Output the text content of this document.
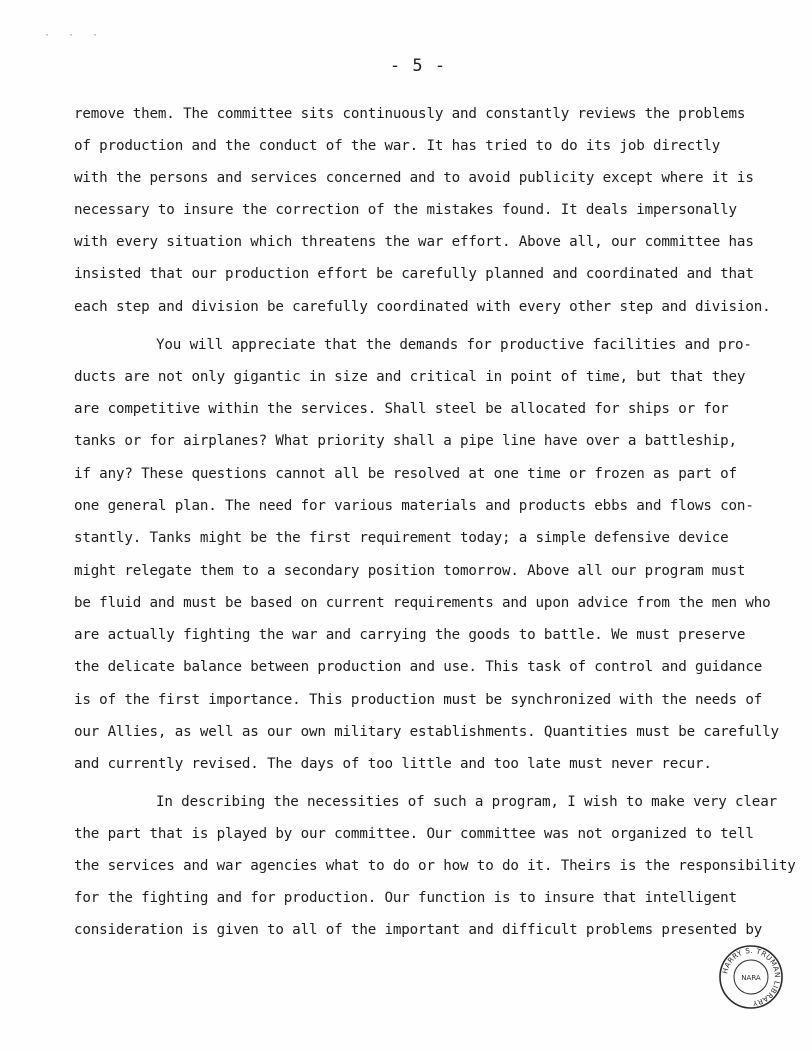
· · ·
- 5 -
remove them. The committee sits continuously and constantly reviews the problems
of production and the conduct of the war. It has tried to do its job directly
with the persons and services concerned and to avoid publicity except where it is
necessary to insure the correction of the mistakes found. It deals impersonally
with every situation which threatens the war effort. Above all, our committee has
insisted that our production effort be carefully planned and coordinated and that
each step and division be carefully coordinated with every other step and division.
You will appreciate that the demands for productive facilities and pro-
ducts are not only gigantic in size and critical in point of time, but that they
are competitive within the services. Shall steel be allocated for ships or for
tanks or for airplanes? What priority shall a pipe line have over a battleship,
if any? These questions cannot all be resolved at one time or frozen as part of
one general plan. The need for various materials and products ebbs and flows con-
stantly. Tanks might be the first requirement today; a simple defensive device
might relegate them to a secondary position tomorrow. Above all our program must
be fluid and must be based on current requirements and upon advice from the men who
are actually fighting the war and carrying the goods to battle. We must preserve
the delicate balance between production and use. This task of control and guidance
is of the first importance. This production must be synchronized with the needs of
our Allies, as well as our own military establishments. Quantities must be carefully
and currently revised. The days of too little and too late must never recur.
In describing the necessities of such a program, I wish to make very clear
the part that is played by our committee. Our committee was not organized to tell
the services and war agencies what to do or how to do it. Theirs is the responsibility
for the fighting and for production. Our function is to insure that intelligent
consideration is given to all of the important and difficult problems presented by
HARRY S. TRUMAN LIBRARY
NARA
